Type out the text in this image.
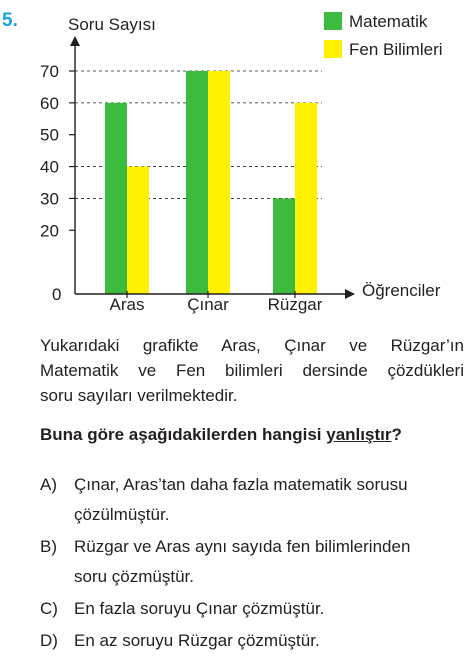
5.
0
20
30
40
50
60
70
Aras	Çınar Rüzgar
Soru Sayısı
Öğrenciler
Matematik
Fen Bilimleri
Yukarıdaki grafikte Aras, Çınar ve Rüzgar’ın
Matematik ve Fen bilimleri dersinde çözdükleri
soru sayıları verilmektedir.
Buna göre aşağıdakilerden hangisi yanlıştır?
A) Çınar, Aras’tan daha fazla matematik sorusu
çözülmüştür.
B) Rüzgar ve Aras aynı sayıda fen bilimlerinden
soru çözmüştür.
C) En fazla soruyu Çınar çözmüştür.
D) En az soruyu Rüzgar çözmüştür.
